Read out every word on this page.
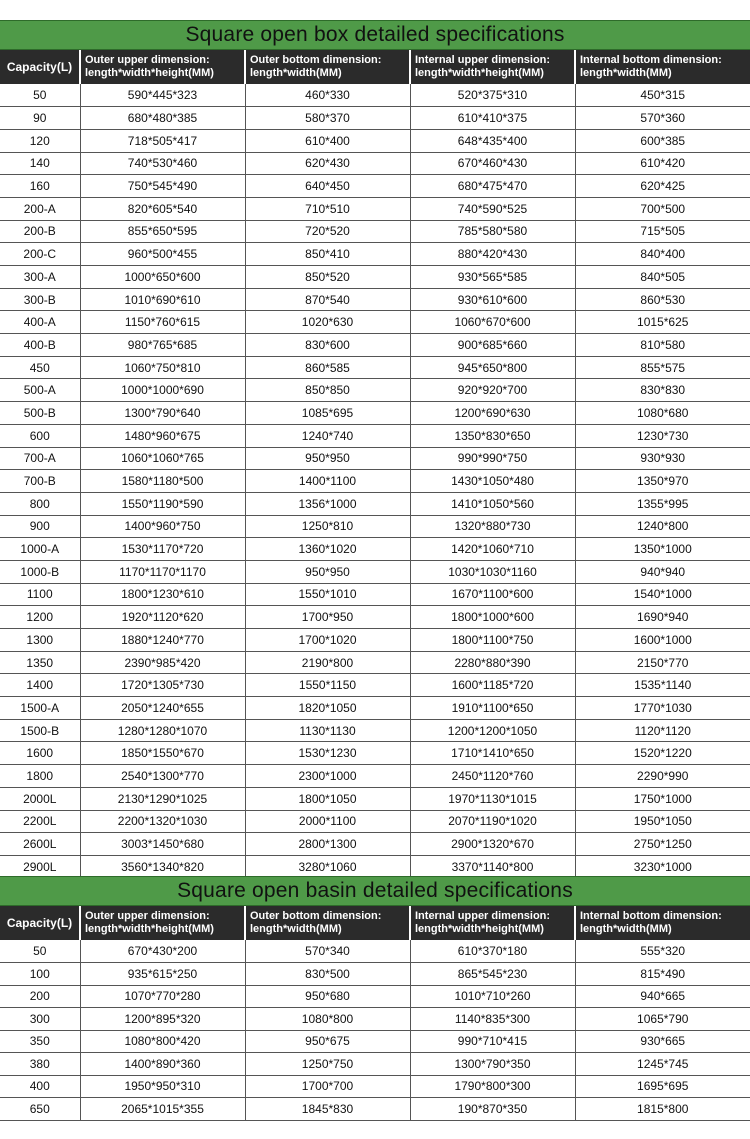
Square open box detailed specifications
Capacity(L)	Outer upper dimension: length*width*height(MM)	Outer bottom dimension: length*width(MM)	Internal upper dimension: length*width*height(MM)	Internal bottom dimension: length*width(MM)
50	590*445*323	460*330	520*375*310	450*315
90	680*480*385	580*370	610*410*375	570*360
120	718*505*417	610*400	648*435*400	600*385
140	740*530*460	620*430	670*460*430	610*420
160	750*545*490	640*450	680*475*470	620*425
200-A	820*605*540	710*510	740*590*525	700*500
200-B	855*650*595	720*520	785*580*580	715*505
200-C	960*500*455	850*410	880*420*430	840*400
300-A	1000*650*600	850*520	930*565*585	840*505
300-B	1010*690*610	870*540	930*610*600	860*530
400-A	1150*760*615	1020*630	1060*670*600	1015*625
400-B	980*765*685	830*600	900*685*660	810*580
450	1060*750*810	860*585	945*650*800	855*575
500-A	1000*1000*690	850*850	920*920*700	830*830
500-B	1300*790*640	1085*695	1200*690*630	1080*680
600	1480*960*675	1240*740	1350*830*650	1230*730
700-A	1060*1060*765	950*950	990*990*750	930*930
700-B	1580*1180*500	1400*1100	1430*1050*480	1350*970
800	1550*1190*590	1356*1000	1410*1050*560	1355*995
900	1400*960*750	1250*810	1320*880*730	1240*800
1000-A	1530*1170*720	1360*1020	1420*1060*710	1350*1000
1000-B	1170*1170*1170	950*950	1030*1030*1160	940*940
1100	1800*1230*610	1550*1010	1670*1100*600	1540*1000
1200	1920*1120*620	1700*950	1800*1000*600	1690*940
1300	1880*1240*770	1700*1020	1800*1100*750	1600*1000
1350	2390*985*420	2190*800	2280*880*390	2150*770
1400	1720*1305*730	1550*1150	1600*1185*720	1535*1140
1500-A	2050*1240*655	1820*1050	1910*1100*650	1770*1030
1500-B	1280*1280*1070	1130*1130	1200*1200*1050	1120*1120
1600	1850*1550*670	1530*1230	1710*1410*650	1520*1220
1800	2540*1300*770	2300*1000	2450*1120*760	2290*990
2000L	2130*1290*1025	1800*1050	1970*1130*1015	1750*1000
2200L	2200*1320*1030	2000*1100	2070*1190*1020	1950*1050
2600L	3003*1450*680	2800*1300	2900*1320*670	2750*1250
2900L	3560*1340*820	3280*1060	3370*1140*800	3230*1000
Square open basin detailed specifications
Capacity(L)	Outer upper dimension: length*width*height(MM)	Outer bottom dimension: length*width(MM)	Internal upper dimension: length*width*height(MM)	Internal bottom dimension: length*width(MM)
50	670*430*200	570*340	610*370*180	555*320
100	935*615*250	830*500	865*545*230	815*490
200	1070*770*280	950*680	1010*710*260	940*665
300	1200*895*320	1080*800	1140*835*300	1065*790
350	1080*800*420	950*675	990*710*415	930*665
380	1400*890*360	1250*750	1300*790*350	1245*745
400	1950*950*310	1700*700	1790*800*300	1695*695
650	2065*1015*355	1845*830	190*870*350	1815*800
